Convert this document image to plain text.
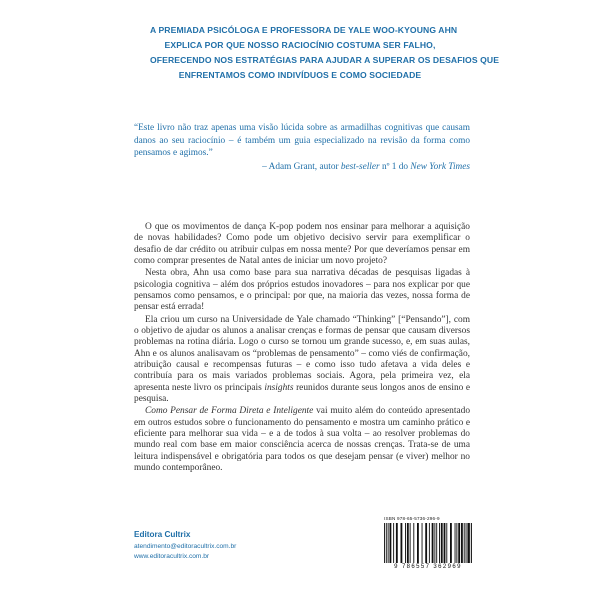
A PREMIADA PSICÓLOGA E PROFESSORA DE YALE WOO-KYOUNG AHN
EXPLICA POR QUE NOSSO RACIOCÍNIO COSTUMA SER FALHO,
OFERECENDO NOS ESTRATÉGIAS PARA AJUDAR A SUPERAR OS DESAFIOS QUE
ENFRENTAMOS COMO INDIVÍDUOS E COMO SOCIEDADE
“Este livro não traz apenas uma visão lúcida sobre as armadilhas cognitivas que causam danos ao seu raciocínio – é também um guia especializado na revisão da forma como pensamos e agimos.”
– Adam Grant, autor best-seller nº 1 do New York Times

O que os movimentos de dança K-pop podem nos ensinar para melhorar a aquisição de novas habilidades? Como pode um objetivo decisivo servir para exemplificar o desafio de dar crédito ou atribuir culpas em nossa mente? Por que deveríamos pensar em como comprar presentes de Natal antes de iniciar um novo projeto?

Nesta obra, Ahn usa como base para sua narrativa décadas de pesquisas ligadas à psicologia cognitiva – além dos próprios estudos inovadores – para nos explicar por que pensamos como pensamos, e o principal: por que, na maioria das vezes, nossa forma de pensar está errada!

Ela criou um curso na Universidade de Yale chamado “Thinking” [“Pensando”], com o objetivo de ajudar os alunos a analisar crenças e formas de pensar que causam diversos problemas na rotina diária. Logo o curso se tornou um grande sucesso, e, em suas aulas, Ahn e os alunos analisavam os “problemas de pensamento” – como viés de confirmação, atribuição causal e recompensas futuras – e como isso tudo afetava a vida deles e contribuía para os mais variados problemas sociais. Agora, pela primeira vez, ela apresenta neste livro os principais insights reunidos durante seus longos anos de ensino e pesquisa.

Como Pensar de Forma Direta e Inteligente vai muito além do conteúdo apresentado em outros estudos sobre o funcionamento do pensamento e mostra um caminho prático e eficiente para melhorar sua vida – e a de todos à sua volta – ao resolver problemas do mundo real com base em maior consciência acerca de nossas crenças. Trata-se de uma leitura indispensável e obrigatória para todos os que desejam pensar (e viver) melhor no mundo contemporâneo.

Editora Cultrix
atendimento@editoracultrix.com.br
www.editoracultrix.com.br
ISBN 978-65-5736-296-9
9 786557 362969
